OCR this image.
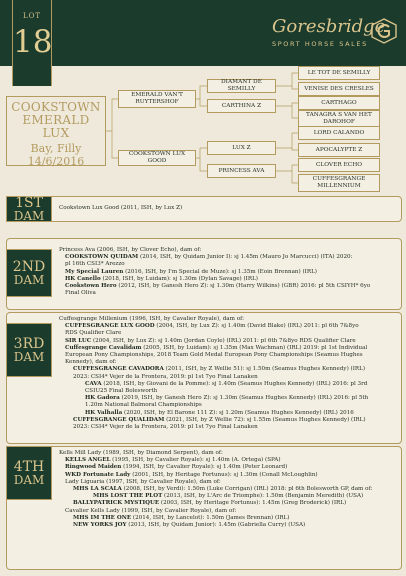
Goresbridge
SPORT HORSE SALES
LOT
18
COOKSTOWN
EMERALD LUX
Bay, Filly
14/6/2016
EMERALD VAN'T RUYTERSHOF
COOKSTOWN LUX GOOD
DIAMANT DE SEMILLY
CARTHINA Z
LUX Z
PRINCESS AVA
LE TOT DE SEMILLY
VENISE DES CRESLES
CARTHAGO
TANAGRA S VAN HET DAROHOF
LORD CALANDO
APOCALYPTE Z
CLOVER ECHO
CUFFESGRANGE MILLENNIUM
1ST
DAM

Cookstown Lux Good (2011, ISH, by Lux Z)

2ND
DAM

Princess Ava (2006, ISH, by Clover Echo), dam of:

COOKSTOWN QUIDAM (2014, ISH, by Quidam Junior I): sj 1.45m (Mauro Jo Marcucci) (ITA) 2020:

pl 16th CSI3* Arezzo

My Special Lauren (2016, ISH, by I'm Special de Muze): sj 1.35m (Eoin Brennan) (IRL)

HK Canello (2018, ISH, by Luidam): sj 1.30m (Dylan Savage) (IRL)

Cookstown Hero (2012, ISH, by Ganesh Hero Z): sj 1.30m (Harry Wilkins) (GBR) 2016: pl 5th CSIYH* 6yo

Final Oliva

3RD
DAM

Cuffesgrange Millenium (1996, ISH, by Cavalier Royale), dam of:

CUFFESGRANGE LUX GOOD (2004, ISH, by Lux Z): sj 1.40m (David Blake) (IRL) 2011: pl 6th 7&8yo

RDS Qualifier Clare

SIR LUC (2004, ISH, by Lux Z): sj 1.40m (Jordan Coyle) (IRL) 2011: pl 6th 7&8yo RDS Qualifier Clare

Cuffesgrange Cavalidam (2005, ISH, by Luidam): sj 1.35m (Max Wachman) (IRL) 2019: pl 1st Individual

European Pony Championships, 2018 Team Gold Medal European Pony Championships (Seamus Hughes

Kennedy), dam of:

CUFFESGRANGE CAVADORA (2011, ISH, by Z Wellie 51): sj 1.50m (Seamus Hughes Kennedy) (IRL)

2023: CSI4* Vejer de la Frontera, 2019: pl 1st 7yo Final Lanaken

CAVA (2018, ISH, by Giovani de la Pomme): sj 1.40m (Seamus Hughes Kennedy) (IRL) 2016: pl 3rd

CSIU25 Final Bolesworth

HK Gadora (2019, ISH, by Ganesh Hero Z): sj 1.30m (Seamus Hughes Kennedy) (IRL) 2016: pl 5th

1.20m National Balmoral Championships

HK Valhalla (2020, ISH, by El Barone 111 Z): sj 1.20m (Seamus Hughes Kennedy) (IRL) 2016

CUFFESGRANGE QUALIDAM (2021, ISH, by Z Wellie 72): sj 1.55m (Seamus Hughes Kennedy) (IRL)

2023: CSI4* Vejer de la Frontera, 2019: pl 1st 7yo Final Lanaken

4TH
DAM

Kells Mill Lady (1989, ISH, by Diamond Serpent), dam of:

KELLS ANGEL (1995, ISH, by Cavalier Royale): sj 1.40m (A. Ortega) (SPA)

Ringwood Maiden (1994, ISH, by Cavalier Royale): sj 1.40m (Peter Leonard)

WKD Fortunate Lady (2001, ISH, by Heritage Fortunus): sj 1.30m (Conall McLoughlin)

Lady Liguaria (1997, ISH, by Cavalier Royale), dam of:

MHS LA SCALA (2008, ISH, by Verdi): 1.50m (Luke Corrigan) (IRL) 2018: pl 6th Bolesworth GP, dam of:

MHS LOST THE PLOT (2013, ISH, by L'Arc de Triomphe): 1.50m (Benjamin Meredith) (USA)

BALLYPATRICK MYSTIQUE (2003, ISH, by Heritage Fortunus): 1.45m (Greg Broderick) (IRL)

Cavalier Kells Lady (1999, ISH, by Cavalier Royale), dam of:

MHS IM THE ONE (2014, ISH, by Lancelot): 1.50m (James Brennan) (IRL)

NEW YORKS JOY (2013, ISH, by Quidam Junior): 1.45m (Gabriella Curry) (USA)
